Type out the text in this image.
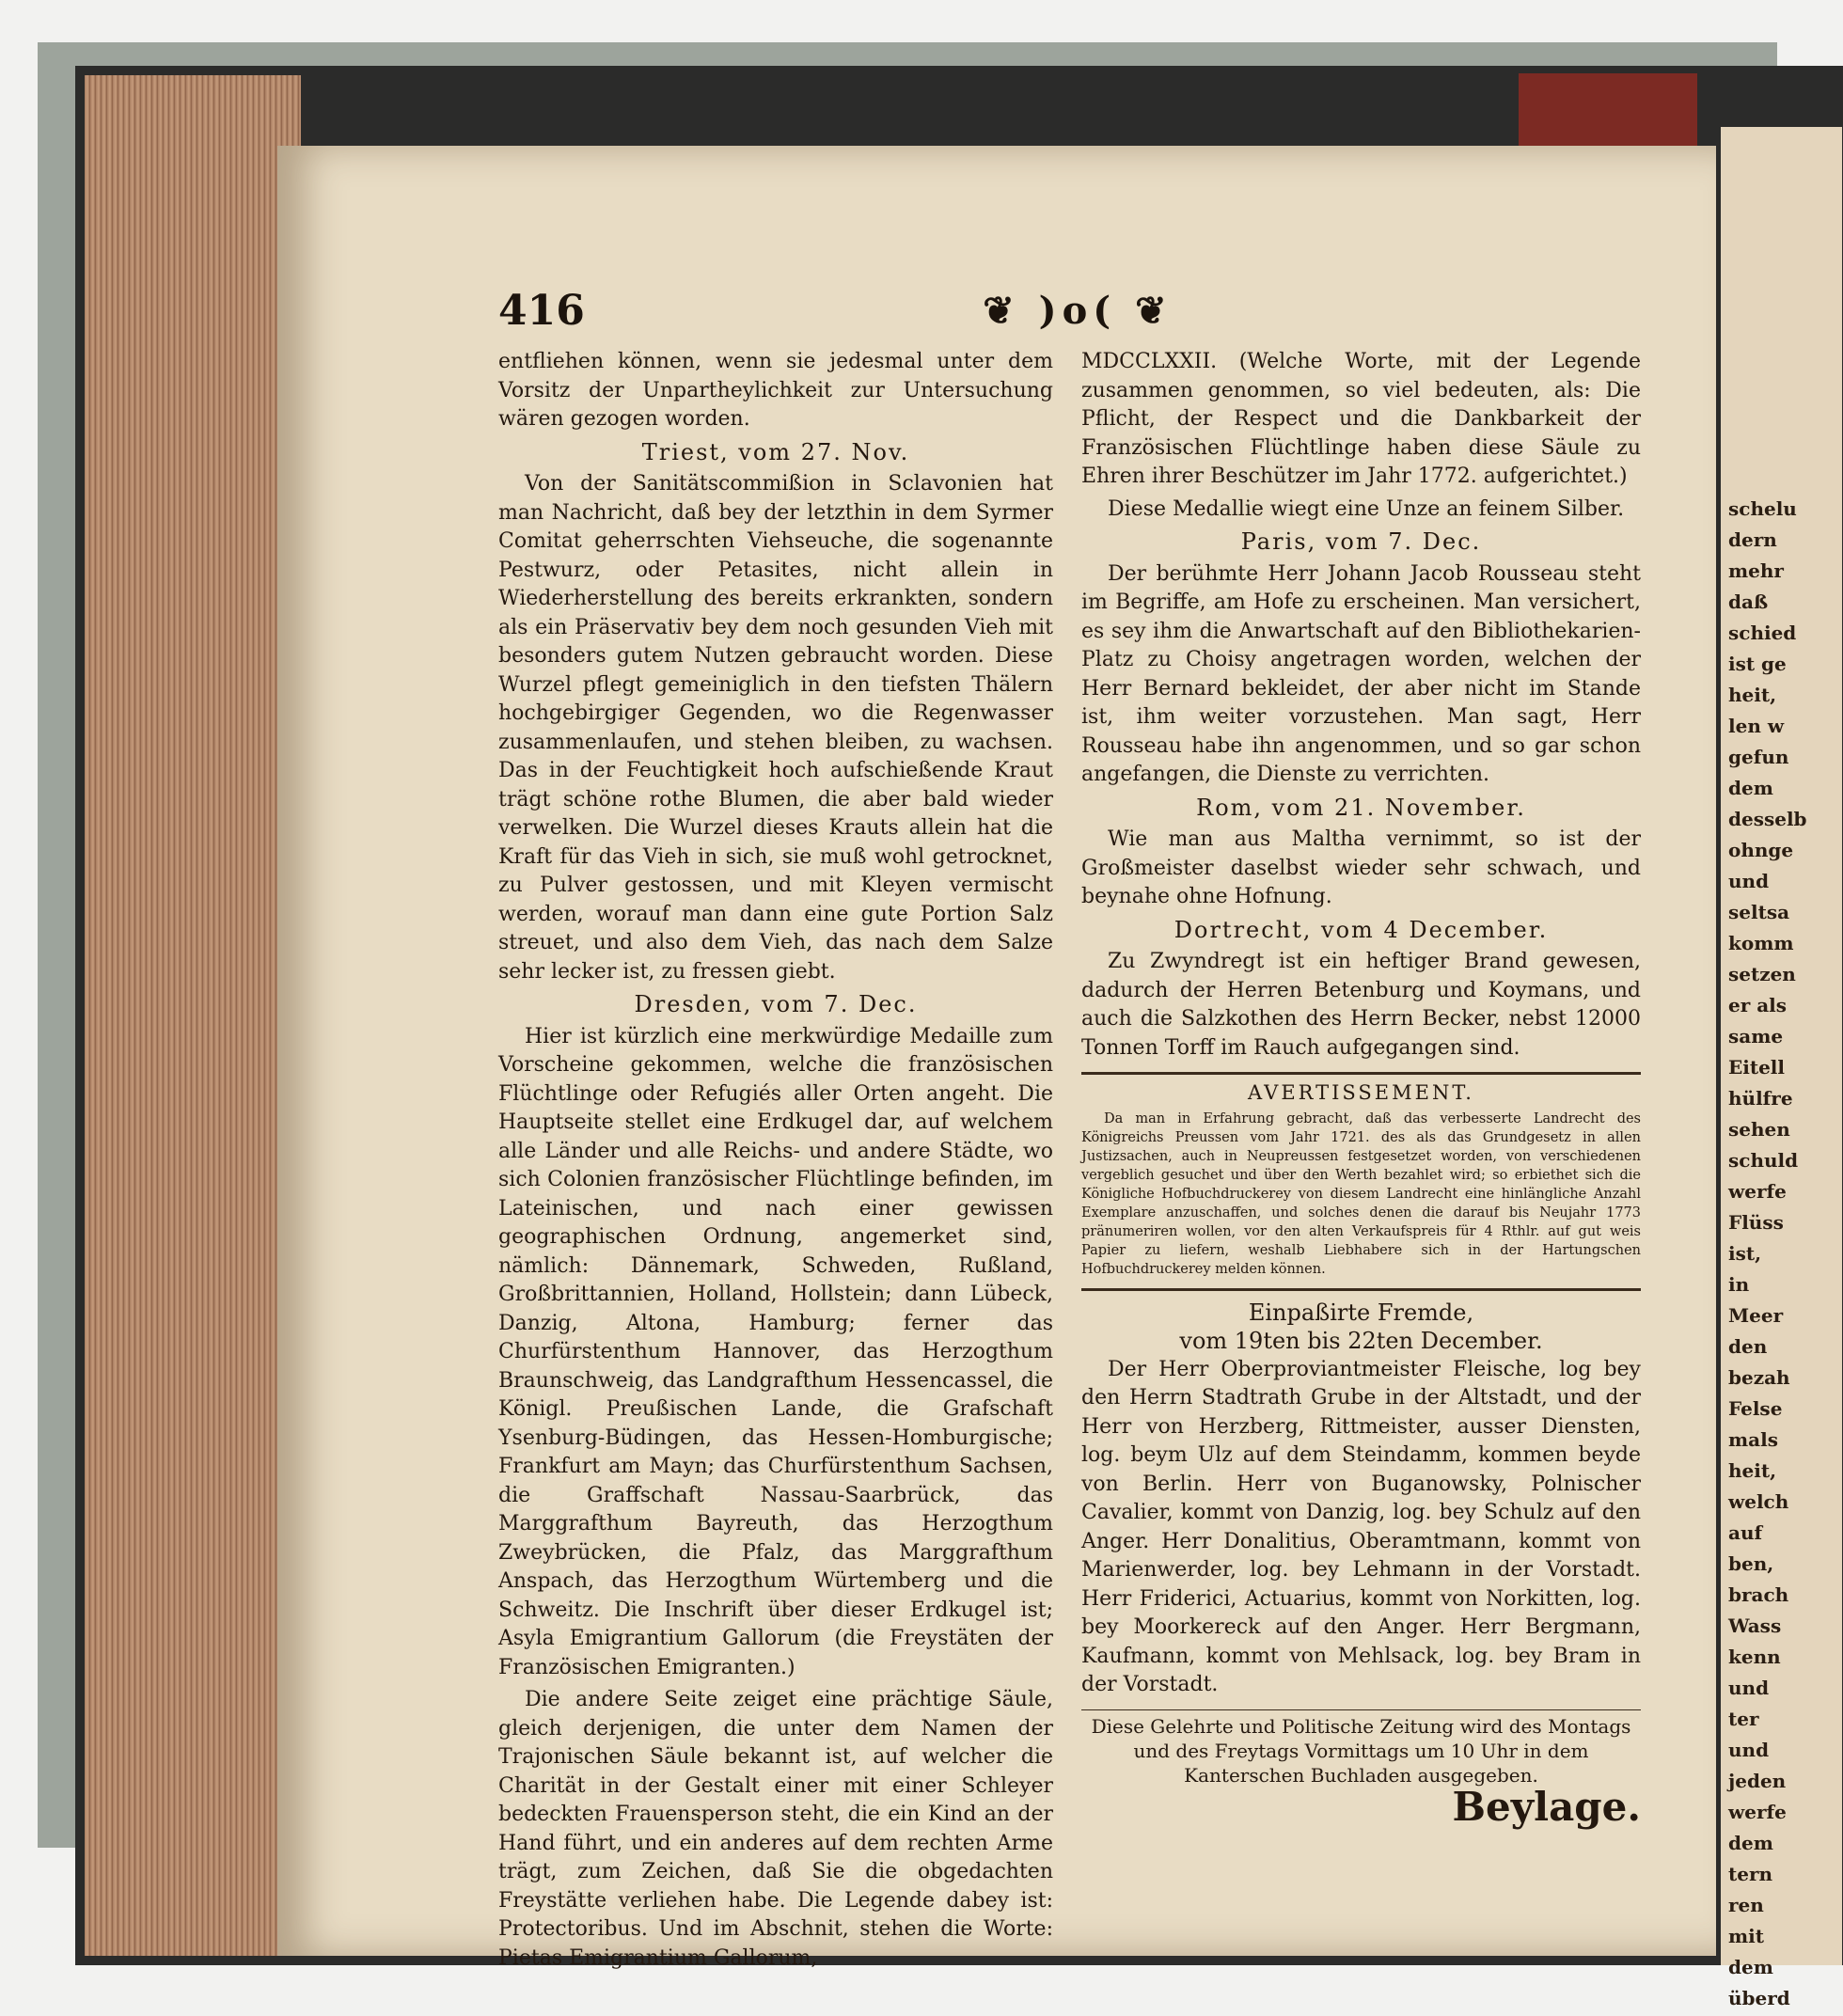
schelu
dern
mehr
daß
schied
ist ge
heit,
len w
gefun
dem
desselb
ohnge
und
seltsa
komm
setzen
er als
same
Eitell
hülfre
sehen
schuld
werfe
Flüss
ist,
in
Meer
den
bezah
Felse
mals
heit,
welch
auf
ben,
brach
Wass
kenn
und
ter
und
jeden
werfe
dem
tern
ren
mit
dem
überd
416	❦ )o( ❦

entfliehen können, wenn sie jedesmal unter dem Vorsitz der Unpartheylichkeit zur Untersuchung wären gezogen worden.

Triest, vom 27. Nov.

Von der Sanitätscommißion in Sclavonien hat man Nachricht, daß bey der letzthin in dem Syrmer Comitat geherrschten Viehseuche, die sogenannte Pestwurz, oder Petasites, nicht allein in Wiederherstellung des bereits erkrankten, sondern als ein Präservativ bey dem noch gesunden Vieh mit besonders gutem Nutzen gebraucht worden. Diese Wurzel pflegt gemeiniglich in den tiefsten Thälern hochgebirgiger Gegenden, wo die Regenwasser zusammenlaufen, und stehen bleiben, zu wachsen. Das in der Feuchtigkeit hoch aufschießende Kraut trägt schöne rothe Blumen, die aber bald wieder verwelken. Die Wurzel dieses Krauts allein hat die Kraft für das Vieh in sich, sie muß wohl getrocknet, zu Pulver gestossen, und mit Kleyen vermischt werden, worauf man dann eine gute Portion Salz streuet, und also dem Vieh, das nach dem Salze sehr lecker ist, zu fressen giebt.

Dresden, vom 7. Dec.

Hier ist kürzlich eine merkwürdige Medaille zum Vorscheine gekommen, welche die französischen Flüchtlinge oder Refugiés aller Orten angeht. Die Hauptseite stellet eine Erdkugel dar, auf welchem alle Länder und alle Reichs- und andere Städte, wo sich Colonien französischer Flüchtlinge befinden, im Lateinischen, und nach einer gewissen geographischen Ordnung, angemerket sind, nämlich: Dännemark, Schweden, Rußland, Großbrittannien, Holland, Hollstein; dann Lübeck, Danzig, Altona, Hamburg; ferner das Churfürstenthum Hannover, das Herzogthum Braunschweig, das Landgrafthum Hessencassel, die Königl. Preußischen Lande, die Grafschaft Ysenburg-Büdingen, das Hessen-Homburgische; Frankfurt am Mayn; das Churfürstenthum Sachsen, die Graffschaft Nassau-Saarbrück, das Marggrafthum Bayreuth, das Herzogthum Zweybrücken, die Pfalz, das Marggrafthum Anspach, das Herzogthum Würtemberg und die Schweitz. Die Inschrift über dieser Erdkugel ist; Asyla Emigrantium Gallorum (die Freystäten der Französischen Emigranten.)

Die andere Seite zeiget eine prächtige Säule, gleich derjenigen, die unter dem Namen der Trajonischen Säule bekannt ist, auf welcher die Charität in der Gestalt einer mit einer Schleyer bedeckten Frauensperson steht, die ein Kind an der Hand führt, und ein anderes auf dem rechten Arme trägt, zum Zeichen, daß Sie die obgedachten Freystätte verliehen habe. Die Legende dabey ist: Protectoribus. Und im Abschnit, stehen die Worte: Pietas Emigrantium Gallorum,

MDCCLXXII. (Welche Worte, mit der Legende zusammen genommen, so viel bedeuten, als: Die Pflicht, der Respect und die Dankbarkeit der Französischen Flüchtlinge haben diese Säule zu Ehren ihrer Beschützer im Jahr 1772. aufgerichtet.)

Diese Medallie wiegt eine Unze an feinem Silber.

Paris, vom 7. Dec.

Der berühmte Herr Johann Jacob Rousseau steht im Begriffe, am Hofe zu erscheinen. Man versichert, es sey ihm die Anwartschaft auf den Bibliothekarien-Platz zu Choisy angetragen worden, welchen der Herr Bernard bekleidet, der aber nicht im Stande ist, ihm weiter vorzustehen. Man sagt, Herr Rousseau habe ihn angenommen, und so gar schon angefangen, die Dienste zu verrichten.

Rom, vom 21. November.

Wie man aus Maltha vernimmt, so ist der Großmeister daselbst wieder sehr schwach, und beynahe ohne Hofnung.

Dortrecht, vom 4 December.

Zu Zwyndregt ist ein heftiger Brand gewesen, dadurch der Herren Betenburg und Koymans, und auch die Salzkothen des Herrn Becker, nebst 12000 Tonnen Torff im Rauch aufgegangen sind.

AVERTISSEMENT.
Da man in Erfahrung gebracht, daß das verbesserte Landrecht des Königreichs Preussen vom Jahr 1721. des als das Grundgesetz in allen Justizsachen, auch in Neupreussen festgesetzet worden, von verschiedenen vergeblich gesuchet und über den Werth bezahlet wird; so erbiethet sich die Königliche Hofbuchdruckerey von diesem Landrecht eine hinlängliche Anzahl Exemplare anzuschaffen, und solches denen die darauf bis Neujahr 1773 pränumeriren wollen, vor den alten Verkaufspreis für 4 Rthlr. auf gut weis Papier zu liefern, weshalb Liebhabere sich in der Hartungschen Hofbuchdruckerey melden können.
Einpaßirte Fremde,
vom 19ten bis 22ten December.

Der Herr Oberproviantmeister Fleische, log bey den Herrn Stadtrath Grube in der Altstadt, und der Herr von Herzberg, Rittmeister, ausser Diensten, log. beym Ulz auf dem Steindamm, kommen beyde von Berlin. Herr von Buganowsky, Polnischer Cavalier, kommt von Danzig, log. bey Schulz auf den Anger. Herr Donalitius, Oberamtmann, kommt von Marienwerder, log. bey Lehmann in der Vorstadt. Herr Friderici, Actuarius, kommt von Norkitten, log. bey Moorkereck auf den Anger. Herr Bergmann, Kaufmann, kommt von Mehlsack, log. bey Bram in der Vorstadt.

Diese Gelehrte und Politische Zeitung wird des Montags und des Freytags Vormittags um 10 Uhr in dem Kanterschen Buchladen ausgegeben.
Beylage.
